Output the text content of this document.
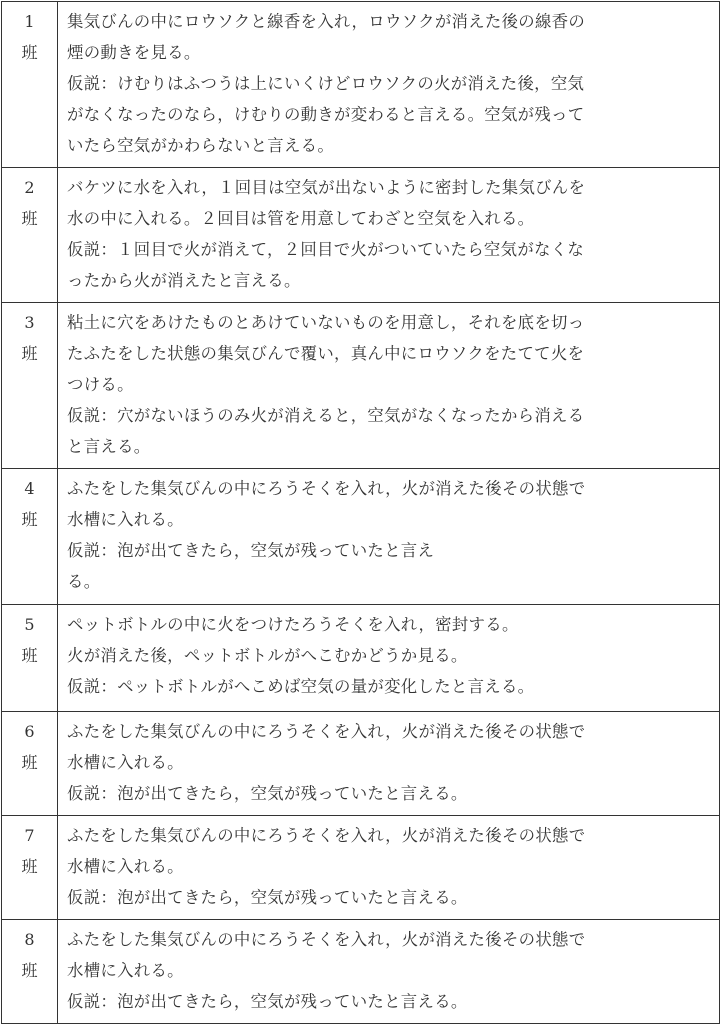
1
班	集気びんの中にロウソクと線香を入れ，ロウソクが消えた後の線香の
煙の動きを見る。
仮説：けむりはふつうは上にいくけどロウソクの火が消えた後，空気
がなくなったのなら，けむりの動きが変わると言える。空気が残って
いたら空気がかわらないと言える。

2
班	バケツに水を入れ，１回目は空気が出ないように密封した集気びんを
水の中に入れる。２回目は管を用意してわざと空気を入れる。
仮説：１回目で火が消えて，２回目で火がついていたら空気がなくな
ったから火が消えたと言える。

3
班	粘土に穴をあけたものとあけていないものを用意し，それを底を切っ
たふたをした状態の集気びんで覆い，真ん中にロウソクをたてて火を
つける。
仮説：穴がないほうのみ火が消えると，空気がなくなったから消える
と言える。

4
班	ふたをした集気びんの中にろうそくを入れ，火が消えた後その状態で
水槽に入れる。
仮説：泡が出てきたら，空気が残っていたと言え
る。

5
班	ペットボトルの中に火をつけたろうそくを入れ，密封する。
火が消えた後，ペットボトルがへこむかどうか見る。
仮説：ペットボトルがへこめば空気の量が変化したと言える。

6
班	ふたをした集気びんの中にろうそくを入れ，火が消えた後その状態で
水槽に入れる。
仮説：泡が出てきたら，空気が残っていたと言える。

7
班	ふたをした集気びんの中にろうそくを入れ，火が消えた後その状態で
水槽に入れる。
仮説：泡が出てきたら，空気が残っていたと言える。

8
班	ふたをした集気びんの中にろうそくを入れ，火が消えた後その状態で
水槽に入れる。
仮説：泡が出てきたら，空気が残っていたと言える。
